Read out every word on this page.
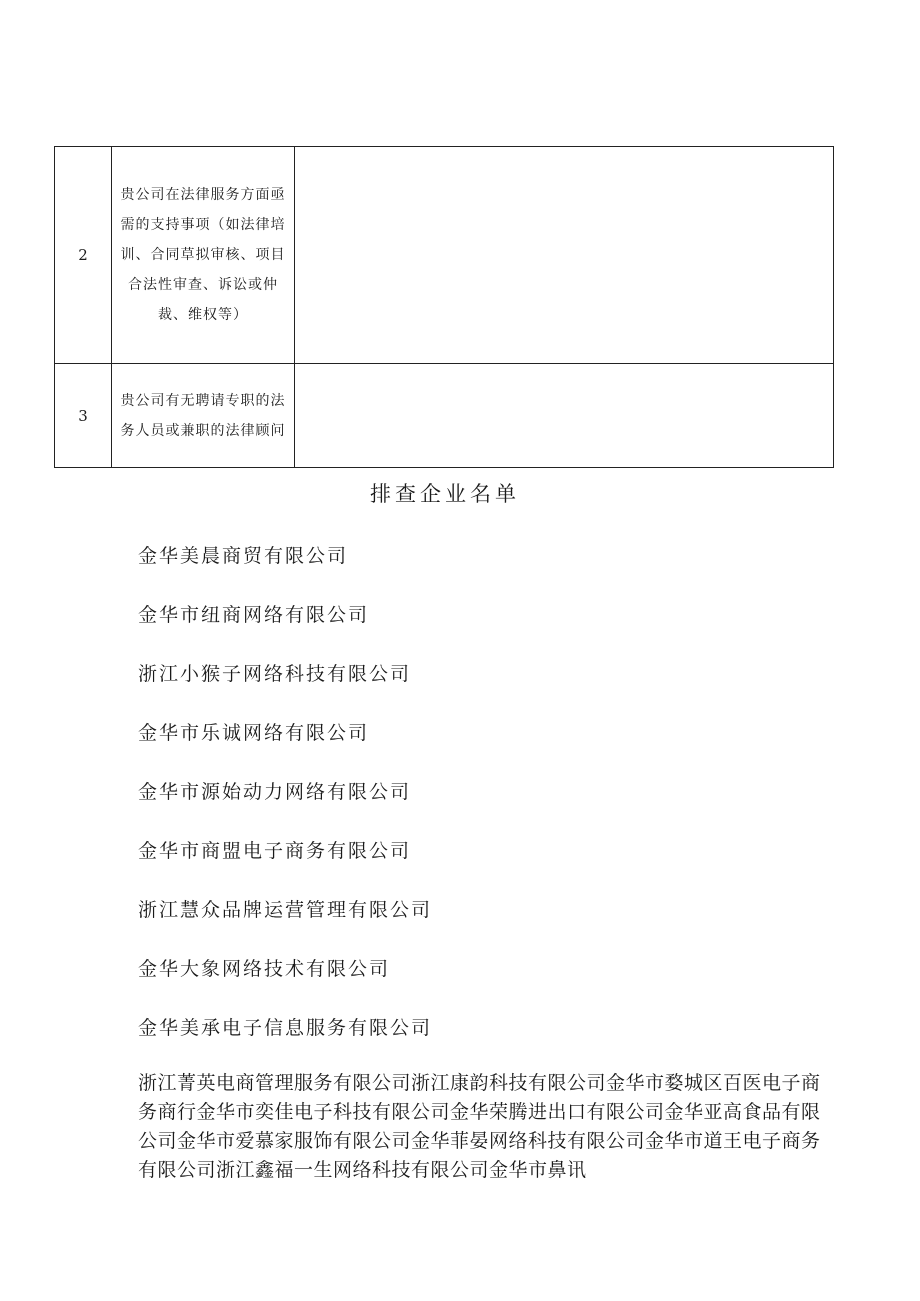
2	贵公司在法律服务方面亟需的支持事项（如法律培训、合同草拟审核、项目合法性审查、诉讼或仲裁、维权等）	

3	贵公司有无聘请专职的法务人员或兼职的法律顾问	

排查企业名单
金华美晨商贸有限公司
金华市纽商网络有限公司
浙江小猴子网络科技有限公司
金华市乐诚网络有限公司
金华市源始动力网络有限公司
金华市商盟电子商务有限公司
浙江慧众品牌运营管理有限公司
金华大象网络技术有限公司
金华美承电子信息服务有限公司
浙江菁英电商管理服务有限公司浙江康韵科技有限公司金华市婺城区百医电子商务商行金华市奕佳电子科技有限公司金华荣腾进出口有限公司金华亚高食品有限公司金华市爱慕家服饰有限公司金华菲晏网络科技有限公司金华市道王电子商务有限公司浙江鑫福一生网络科技有限公司金华市鼻讯
